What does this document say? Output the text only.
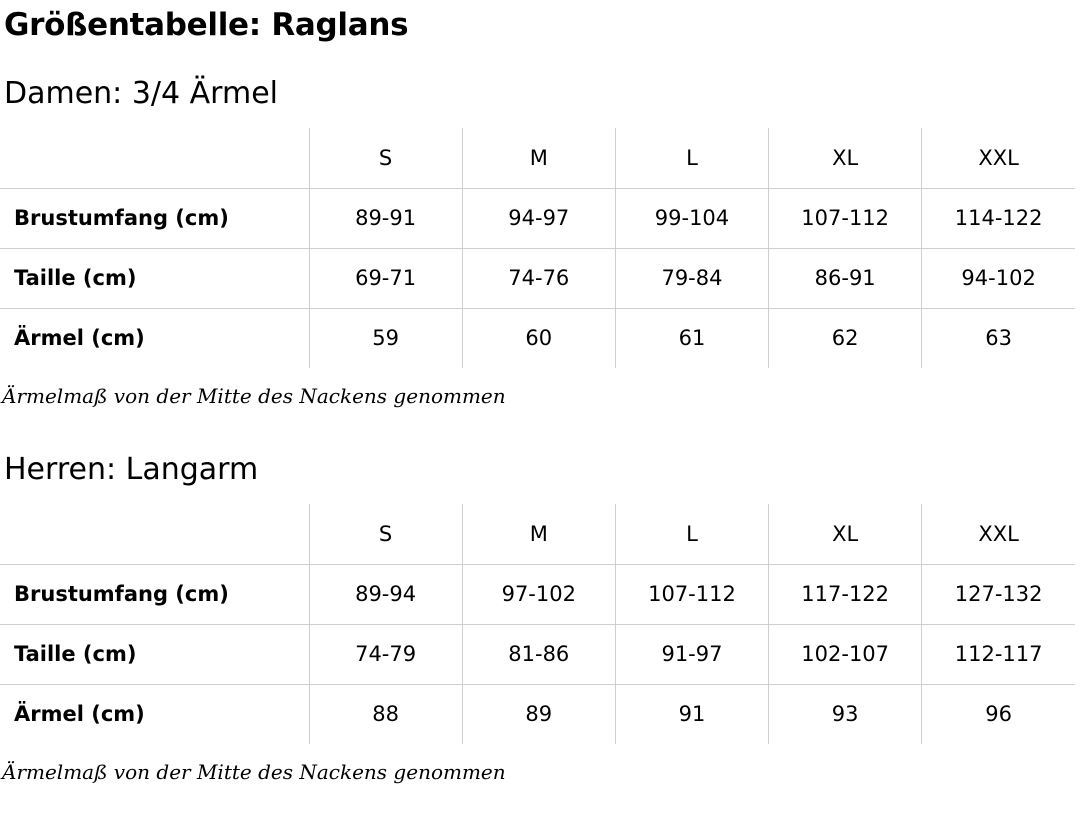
Größentabelle: Raglans
Damen: 3/4 Ärmel
	S	M	L	XL	XXL
Brustumfang (cm)	89-91	94-97	99-104	107-112	114-122
Taille (cm)	69-71	74-76	79-84	86-91	94-102
Ärmel (cm)	59	60	61	62	63

Ärmelmaß von der Mitte des Nackens genommen

Herren: Langarm
	S	M	L	XL	XXL
Brustumfang (cm)	89-94	97-102	107-112	117-122	127-132
Taille (cm)	74-79	81-86	91-97	102-107	112-117
Ärmel (cm)	88	89	91	93	96

Ärmelmaß von der Mitte des Nackens genommen
